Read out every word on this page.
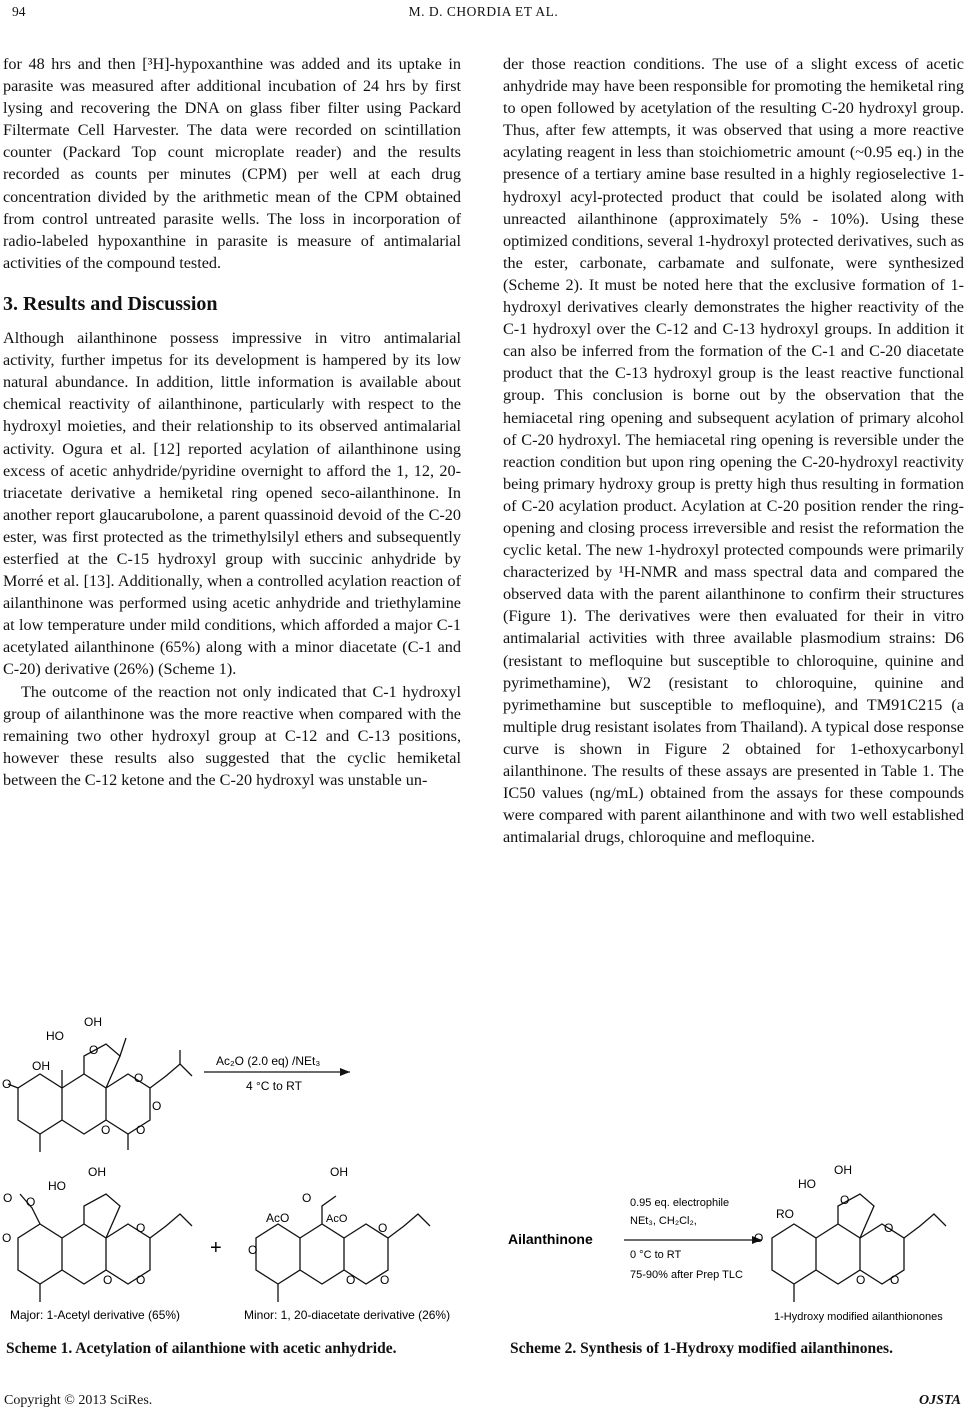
94	M. D. CHORDIA ET AL.

for 48 hrs and then [³H]-hypoxanthine was added and its uptake in parasite was measured after additional incubation of 24 hrs by first lysing and recovering the DNA on glass fiber filter using Packard Filtermate Cell Harvester. The data were recorded on scintillation counter (Packard Top count microplate reader) and the results recorded as counts per minutes (CPM) per well at each drug concentration divided by the arithmetic mean of the CPM obtained from control untreated parasite wells. The loss in incorporation of radio-labeled hypoxanthine in parasite is measure of antimalarial activities of the compound tested.

3. Results and Discussion

Although ailanthinone possess impressive in vitro antimalarial activity, further impetus for its development is hampered by its low natural abundance. In addition, little information is available about chemical reactivity of ailanthinone, particularly with respect to the hydroxyl moieties, and their relationship to its observed antimalarial activity. Ogura et al. [12] reported acylation of ailanthinone using excess of acetic anhydride/pyridine overnight to afford the 1, 12, 20-triacetate derivative a hemiketal ring opened seco-ailanthinone. In another report glaucarubolone, a parent quassinoid devoid of the C-20 ester, was first protected as the trimethylsilyl ethers and subsequently esterfied at the C-15 hydroxyl group with succinic anhydride by Morré et al. [13]. Additionally, when a controlled acylation reaction of ailanthinone was performed using acetic anhydride and triethylamine at low temperature under mild conditions, which afforded a major C-1 acetylated ailanthinone (65%) along with a minor diacetate (C-1 and C-20) derivative (26%) (Scheme 1).

The outcome of the reaction not only indicated that C-1 hydroxyl group of ailanthinone was the more reactive when compared with the remaining two other hydroxyl group at C-12 and C-13 positions, however these results also suggested that the cyclic hemiketal between the C-12 ketone and the C-20 hydroxyl was unstable un-

der those reaction conditions. The use of a slight excess of acetic anhydride may have been responsible for promoting the hemiketal ring to open followed by acetylation of the resulting C-20 hydroxyl group. Thus, after few attempts, it was observed that using a more reactive acylating reagent in less than stoichiometric amount (~0.95 eq.) in the presence of a tertiary amine base resulted in a highly regioselective 1-hydroxyl acyl-protected product that could be isolated along with unreacted ailanthinone (approximately 5% - 10%). Using these optimized conditions, several 1-hydroxyl protected derivatives, such as the ester, carbonate, carbamate and sulfonate, were synthesized (Scheme 2). It must be noted here that the exclusive formation of 1-hydroxyl derivatives clearly demonstrates the higher reactivity of the C-1 hydroxyl over the C-12 and C-13 hydroxyl groups. In addition it can also be inferred from the formation of the C-1 and C-20 diacetate product that the C-13 hydroxyl group is the least reactive functional group. This conclusion is borne out by the observation that the hemiacetal ring opening and subsequent acylation of primary alcohol of C-20 hydroxyl. The hemiacetal ring opening is reversible under the reaction condition but upon ring opening the C-20-hydroxyl reactivity being primary hydroxy group is pretty high thus resulting in formation of C-20 acylation product. Acylation at C-20 position render the ring-opening and closing process irreversible and resist the reformation the cyclic ketal. The new 1-hydroxyl protected compounds were primarily characterized by ¹H-NMR and mass spectral data and compared the observed data with the parent ailanthinone to confirm their structures (Figure 1). The derivatives were then evaluated for their in vitro antimalarial activities with three available plasmodium strains: D6 (resistant to mefloquine but susceptible to chloroquine, quinine and pyrimethamine), W2 (resistant to chloroquine, quinine and pyrimethamine but susceptible to mefloquine), and TM91C215 (a multiple drug resistant isolates from Thailand). A typical dose response curve is shown in Figure 2 obtained for 1-ethoxycarbonyl ailanthinone. The results of these assays are presented in Table 1. The IC50 values (ng/mL) obtained from the assays for these compounds were compared with parent ailanthinone and with two well established antimalarial drugs, chloroquine and mefloquine.

HO
OH
OH
O
O	O
O O
O
Ac₂O (2.0 eq) /NEt₃
4 °C to RT
HO
OH
O O
O
O
O O
+
OH
AcO	AcO
O
O
O
O O
Major: 1-Acetyl derivative (65%)	Minor: 1, 20-diacetate derivative (26%)
Scheme 1. Acetylation of ailanthione with acetic anhydride.
Ailanthinone
0.95 eq. electrophile
NEt₃, CH₂Cl₂,
0 °C to RT
75-90% after Prep TLC
HO
OH
RO
O
O
O
O O
1-Hydroxy modified ailanthionones
Scheme 2. Synthesis of 1-Hydroxy modified ailanthinones.
Copyright © 2013 SciRes.	OJSTA
